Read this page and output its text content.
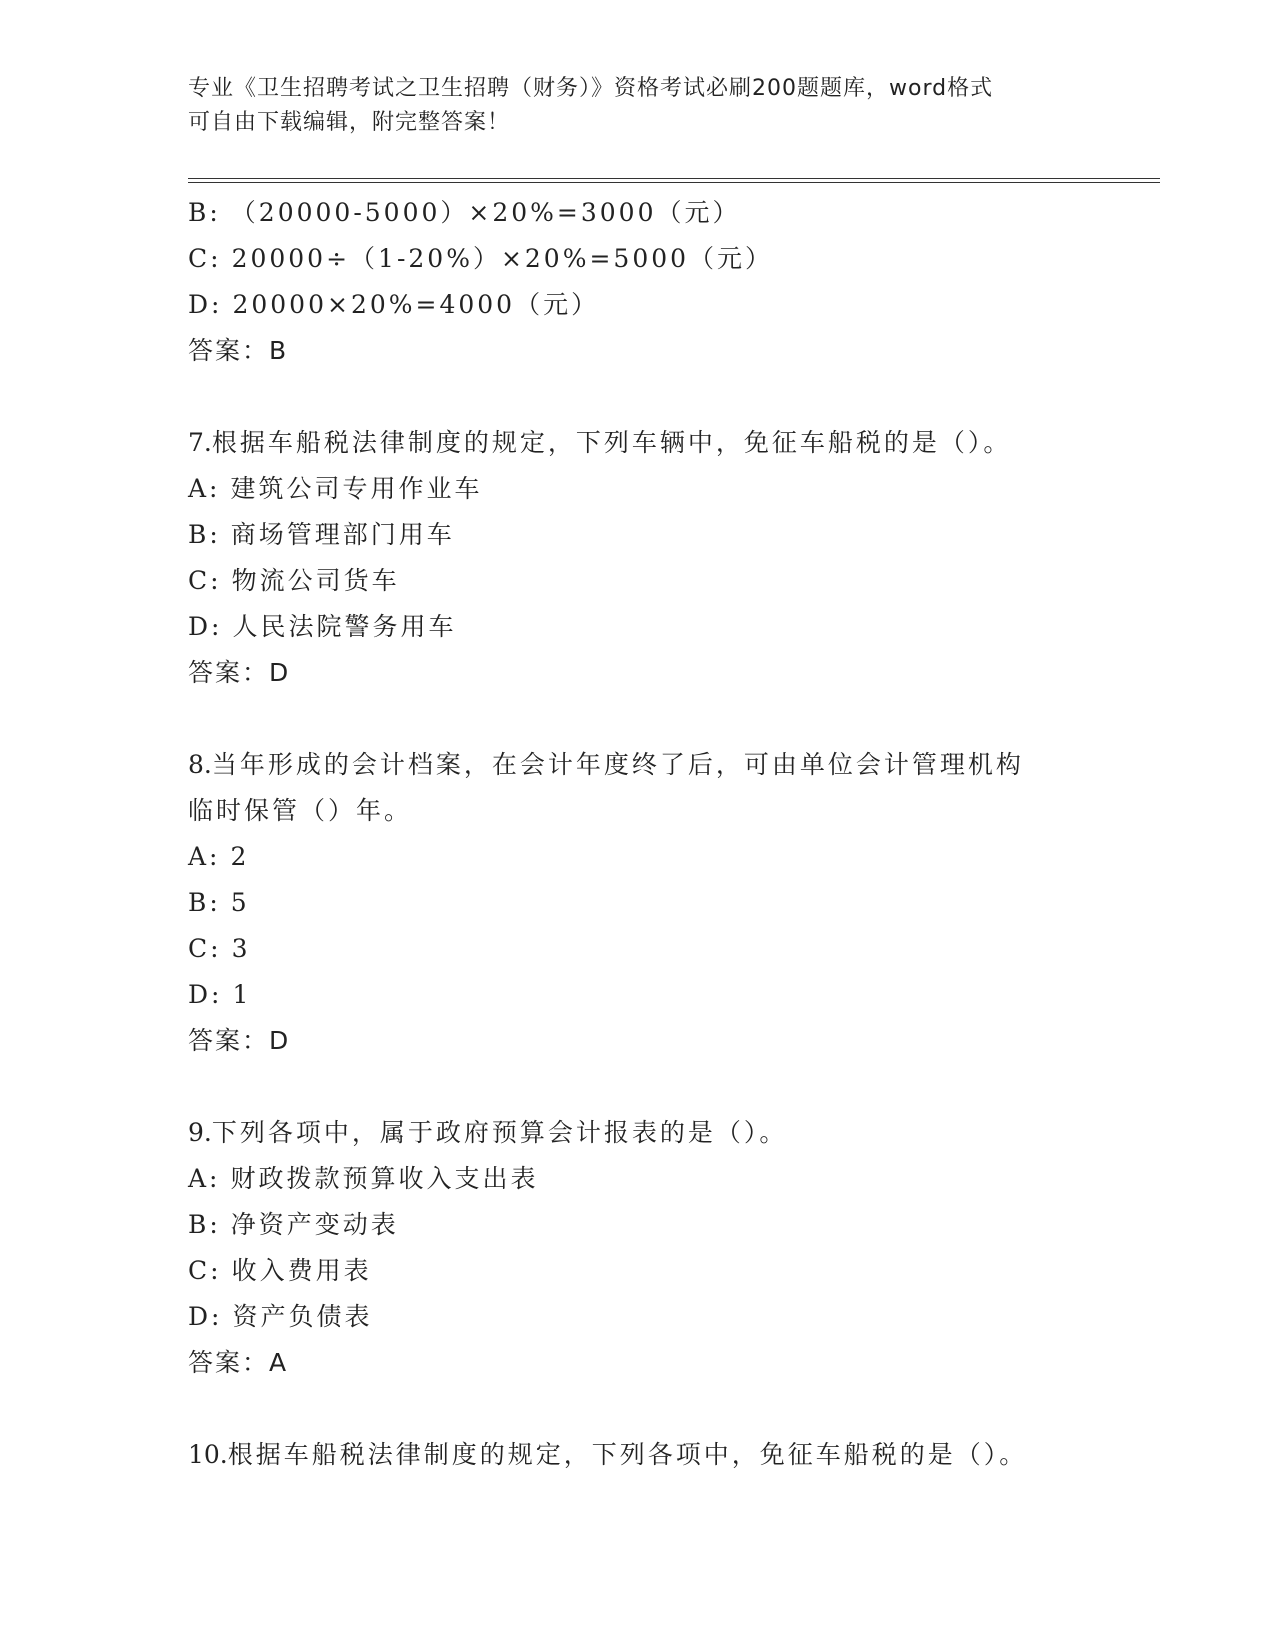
专业《卫生招聘考试之卫生招聘（财务）》资格考试必刷200题题库，word格式
可自由下载编辑，附完整答案！
B: （20000-5000）×20%=3000（元）
C: 20000÷（1-20%）×20%=5000（元）
D: 20000×20%=4000（元）
答案：B
7.根据车船税法律制度的规定，下列车辆中，免征车船税的是（）。
A: 建筑公司专用作业车
B: 商场管理部门用车
C: 物流公司货车
D: 人民法院警务用车
答案：D
8.当年形成的会计档案，在会计年度终了后，可由单位会计管理机构
临时保管（）年。
A: 2
B: 5
C: 3
D: 1
答案：D
9.下列各项中，属于政府预算会计报表的是（）。
A: 财政拨款预算收入支出表
B: 净资产变动表
C: 收入费用表
D: 资产负债表
答案：A
10.根据车船税法律制度的规定，下列各项中，免征车船税的是（）。
